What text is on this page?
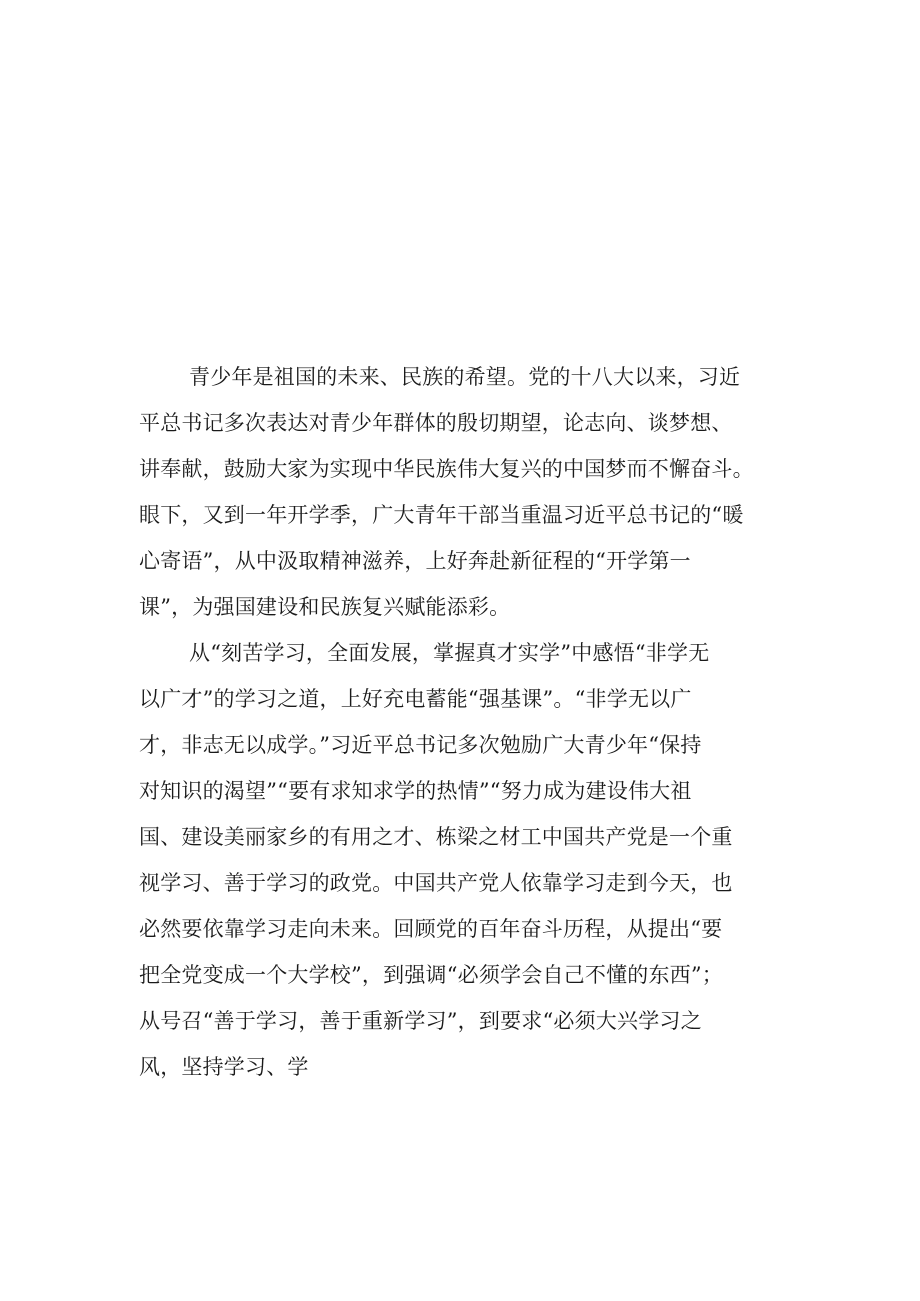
青少年是祖国的未来、民族的希望。党的十八大以来，习近
平总书记多次表达对青少年群体的殷切期望，论志向、谈梦想、
讲奉献，鼓励大家为实现中华民族伟大复兴的中国梦而不懈奋斗。
眼下，又到一年开学季，广大青年干部当重温习近平总书记的“暖
心寄语”，从中汲取精神滋养，上好奔赴新征程的“开学第一
课”，为强国建设和民族复兴赋能添彩。
从“刻苦学习，全面发展，掌握真才实学”中感悟“非学无
以广才”的学习之道，上好充电蓄能“强基课”。“非学无以广
才，非志无以成学。”习近平总书记多次勉励广大青少年“保持
对知识的渴望”“要有求知求学的热情”“努力成为建设伟大祖
国、建设美丽家乡的有用之才、栋梁之材工中国共产党是一个重
视学习、善于学习的政党。中国共产党人依靠学习走到今天，也
必然要依靠学习走向未来。回顾党的百年奋斗历程，从提出“要
把全党变成一个大学校”，到强调“必须学会自己不懂的东西”；
从号召“善于学习，善于重新学习”，到要求“必须大兴学习之
风，坚持学习、学
